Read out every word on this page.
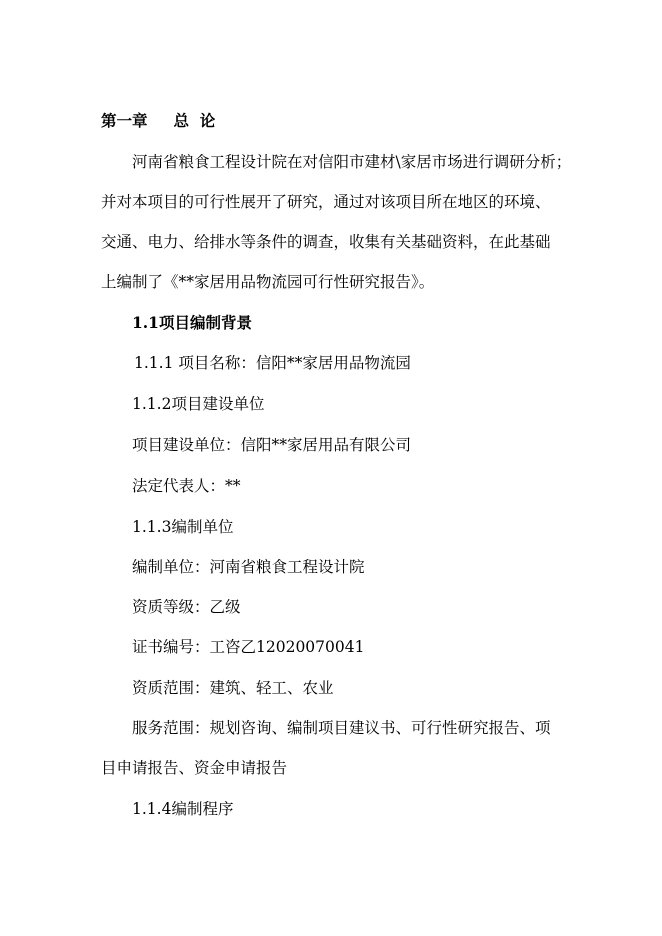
第一章 总  论
河南省粮食工程设计院在对信阳市建材\家居市场进行调研分析；
并对本项目的可行性展开了研究，通过对该项目所在地区的环境、
交通、电力、给排水等条件的调查，收集有关基础资料，在此基础
上编制了《**家居用品物流园可行性研究报告》。
1.1项目编制背景
1.1.1 项目名称：信阳**家居用品物流园
1.1.2项目建设单位
项目建设单位：信阳**家居用品有限公司
法定代表人：**
1.1.3编制单位
编制单位：河南省粮食工程设计院
资质等级：乙级
证书编号：工咨乙12020070041
资质范围：建筑、轻工、农业
服务范围：规划咨询、编制项目建议书、可行性研究报告、项
目申请报告、资金申请报告
1.1.4编制程序
